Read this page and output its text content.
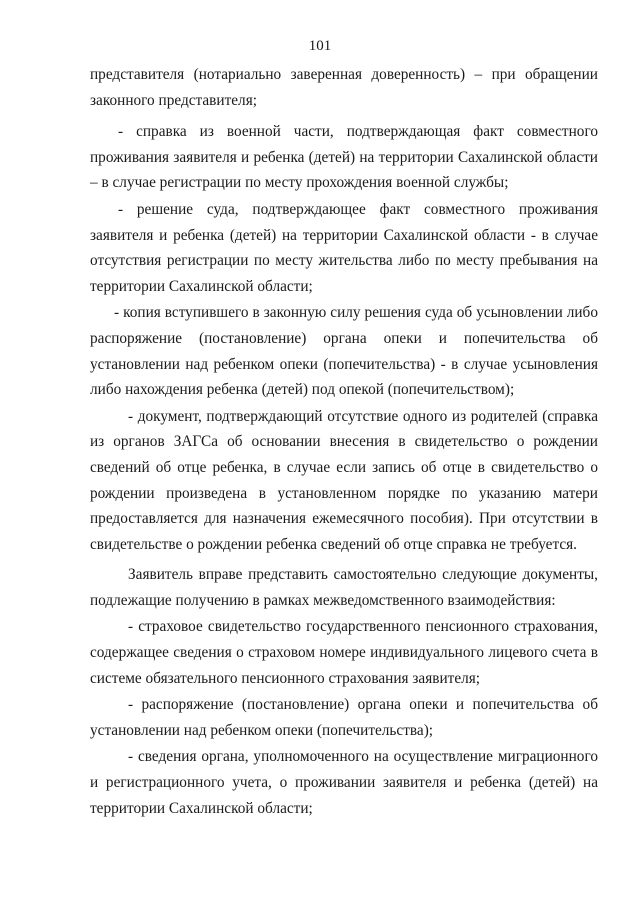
101

представителя (нотариально заверенная доверенность) – при обращении законного представителя;

- справка из военной части, подтверждающая факт совместного проживания заявителя и ребенка (детей) на территории Сахалинской области – в случае регистрации по месту прохождения военной службы;

- решение суда, подтверждающее факт совместного проживания заявителя и ребенка (детей) на территории Сахалинской области - в случае отсутствия регистрации по месту жительства либо по месту пребывания на территории Сахалинской области;

- копия вступившего в законную силу решения суда об усыновлении либо распоряжение (постановление) органа опеки и попечительства об установлении над ребенком опеки (попечительства) - в случае усыновления либо нахождения ребенка (детей) под опекой (попечительством);

- документ, подтверждающий отсутствие одного из родителей (справка из органов ЗАГСа об основании внесения в свидетельство о рождении сведений об отце ребенка, в случае если запись об отце в свидетельство о рождении произведена в установленном порядке по указанию матери предоставляется для назначения ежемесячного пособия). При отсутствии в свидетельстве о рождении ребенка сведений об отце справка не требуется.

Заявитель вправе представить самостоятельно следующие документы, подлежащие получению в рамках межведомственного взаимодействия:

- страховое свидетельство государственного пенсионного страхования, содержащее сведения о страховом номере индивидуального лицевого счета в системе обязательного пенсионного страхования заявителя;

- распоряжение (постановление) органа опеки и попечительства об установлении над ребенком опеки (попечительства);

- сведения органа, уполномоченного на осуществление миграционного и регистрационного учета, о проживании заявителя и ребенка (детей) на территории Сахалинской области;
